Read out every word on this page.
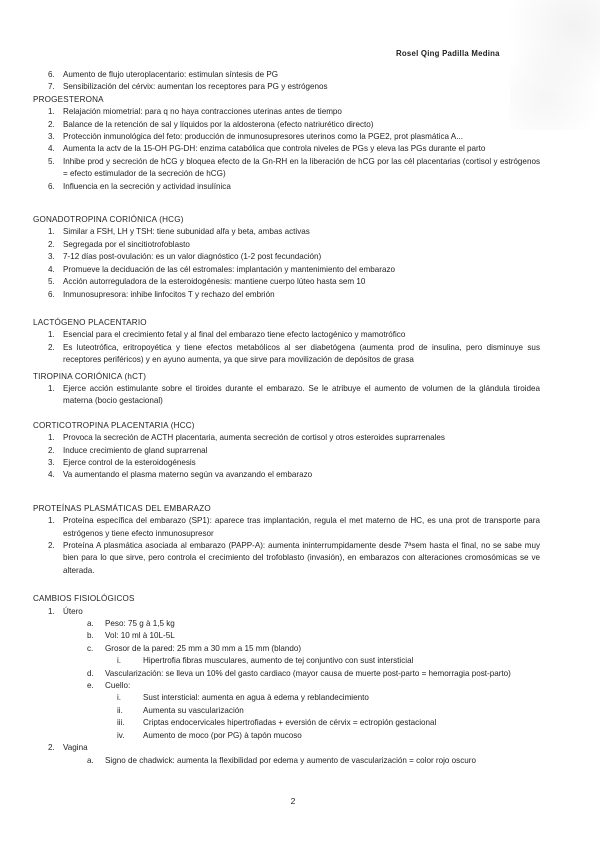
Rosel Qing Padilla Medina
6.	Aumento de flujo uteroplacentario: estimulan síntesis de PG
7.	Sensibilización del cérvix: aumentan los receptores para PG y estrógenos
PROGESTERONA
1.	Relajación miometrial: para q no haya contracciones uterinas antes de tiempo
2.	Balance de la retención de sal y líquidos por la aldosterona (efecto natriurético directo)
3.	Protección inmunológica del feto: producción de inmunosupresores uterinos como la PGE2, prot plasmática A...
4.	Aumenta la actv de la 15-OH PG-DH: enzima catabólica que controla niveles de PGs y eleva las PGs durante el parto
5.	Inhibe prod y secreción de hCG y bloquea efecto de la Gn-RH en la liberación de hCG por las cél placentarias (cortisol y estrógenos = efecto estimulador de la secreción de hCG)
6.	Influencia en la secreción y actividad insulínica
GONADOTROPINA CORIÓNICA (HCG)
1.	Similar a FSH, LH y TSH: tiene subunidad alfa y beta, ambas activas
2.	Segregada por el sincitiotrofoblasto
3.	7-12 días post-ovulación: es un valor diagnóstico (1-2 post fecundación)
4.	Promueve la deciduación de las cél estromales: implantación y mantenimiento del embarazo
5.	Acción autorreguladora de la esteroidogénesis: mantiene cuerpo lúteo hasta sem 10
6.	Inmunosupresora: inhibe linfocitos T y rechazo del embrión
LACTÓGENO PLACENTARIO
1.	Esencial para el crecimiento fetal y al final del embarazo tiene efecto lactogénico y mamotrófico
2.	Es luteotrófica, eritropoyética y tiene efectos metabólicos al ser diabetógena (aumenta prod de insulina, pero disminuye sus receptores periféricos) y en ayuno aumenta, ya que sirve para movilización de depósitos de grasa
TIROPINA CORIÓNICA (hCT)
1.	Ejerce acción estimulante sobre el tiroides durante el embarazo. Se le atribuye el aumento de volumen de la glándula tiroidea materna (bocio gestacional)
CORTICOTROPINA PLACENTARIA (HCC)
1.	Provoca la secreción de ACTH placentaria, aumenta secreción de cortisol y otros esteroides suprarrenales
2.	Induce crecimiento de gland suprarrenal
3.	Ejerce control de la esteroidogénesis
4.	Va aumentando el plasma materno según va avanzando el embarazo
PROTEÍNAS PLASMÁTICAS DEL EMBARAZO
1.	Proteína específica del embarazo (SP1): aparece tras implantación, regula el met materno de HC, es una prot de transporte para estrógenos y tiene efecto inmunosupresor
2.	Proteína A plasmática asociada al embarazo (PAPP-A): aumenta ininterrumpidamente desde 7ªsem hasta el final, no se sabe muy bien para lo que sirve, pero controla el crecimiento del trofoblasto (invasión), en embarazos con alteraciones cromosómicas se ve alterada.
CAMBIOS FISIOLÓGICOS
1.	Útero
a.	Peso: 75 g à 1,5 kg
b.	Vol: 10 ml à 10L-5L
c.	Grosor de la pared: 25 mm a 30 mm a 15 mm (blando)
i.	Hipertrofia fibras musculares, aumento de tej conjuntivo con sust intersticial
d.	Vascularización: se lleva un 10% del gasto cardiaco (mayor causa de muerte post-parto = hemorragia post-parto)
e.	Cuello:
i.	Sust intersticial: aumenta en agua à edema y reblandecimiento
ii.	Aumenta su vascularización
iii.	Criptas endocervicales hipertrofiadas + eversión de cérvix = ectropión gestacional
iv.	Aumento de moco (por PG) à tapón mucoso
2.	Vagina
a.	Signo de chadwick: aumenta la flexibilidad por edema y aumento de vascularización = color rojo oscuro
2
